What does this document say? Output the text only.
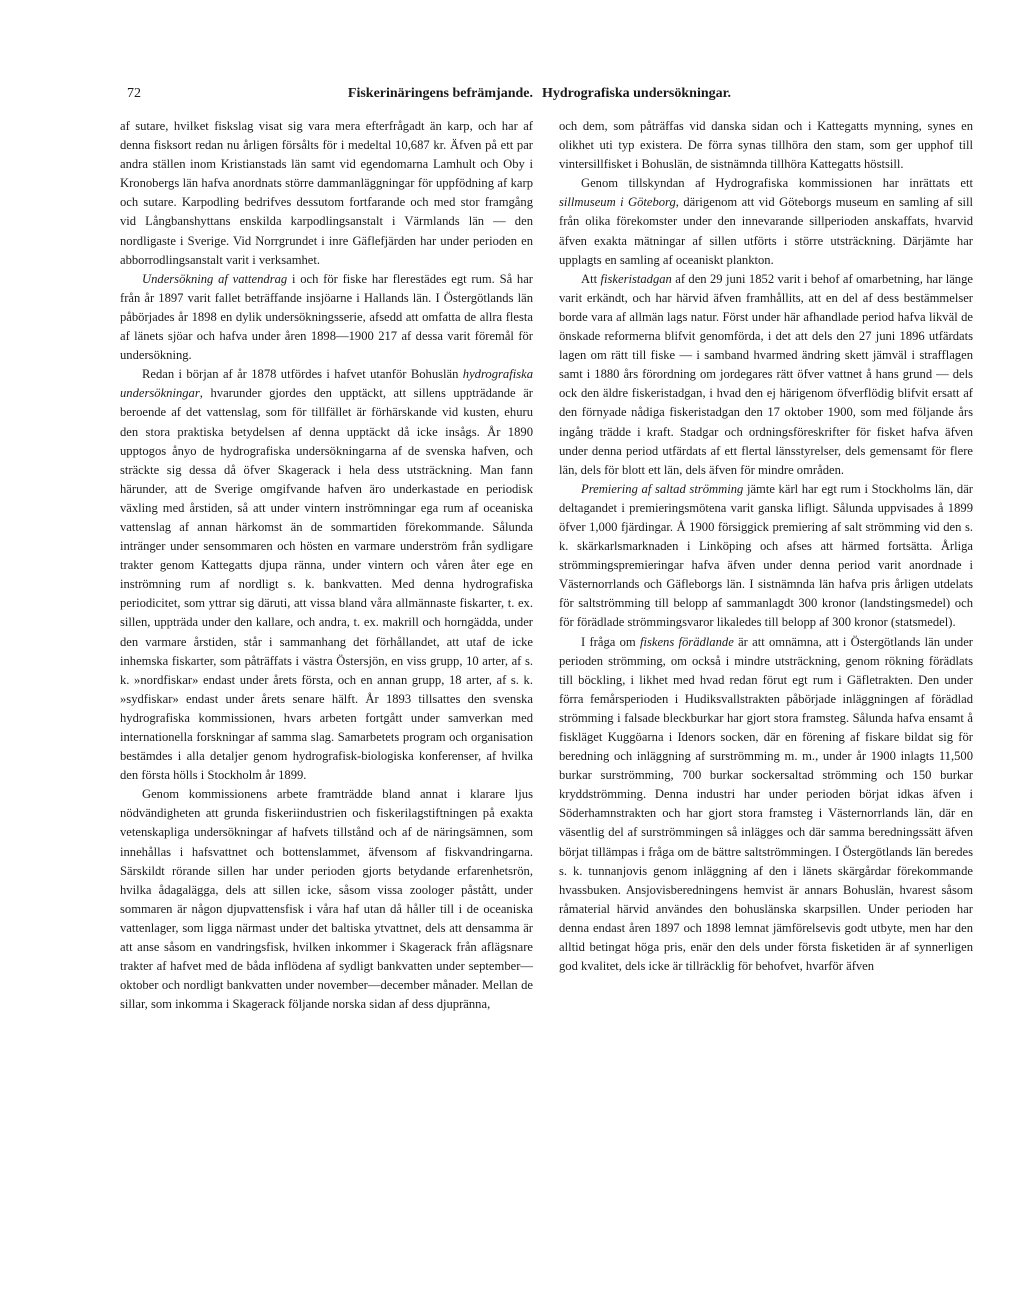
72	Fiskerinäringens befrämjande. Hydrografiska undersökningar.

af sutare, hvilket fiskslag visat sig vara mera efterfrågadt än karp, och har af denna fisksort redan nu årligen försålts för i medeltal 10,687 kr. Äfven på ett par andra ställen inom Kristianstads län samt vid egendomarna Lamhult och Oby i Kronobergs län hafva anordnats större dammanläggningar för uppfödning af karp och sutare. Karpodling bedrifves dessutom fortfarande och med stor framgång vid Långbanshyttans enskilda karpodlingsanstalt i Värmlands län — den nordligaste i Sverige. Vid Norrgrundet i inre Gäflefjärden har under perioden en abborrodlingsanstalt varit i verksamhet.

Undersökning af vattendrag i och för fiske har flerestädes egt rum. Så har från år 1897 varit fallet beträffande insjöarne i Hallands län. I Östergötlands län påbörjades år 1898 en dylik undersökningsserie, afsedd att omfatta de allra flesta af länets sjöar och hafva under åren 1898—1900 217 af dessa varit föremål för undersökning.

Redan i början af år 1878 utfördes i hafvet utanför Bohuslän hydrografiska undersökningar, hvarunder gjordes den upptäckt, att sillens uppträdande är beroende af det vattenslag, som för tillfället är förhärskande vid kusten, ehuru den stora praktiska betydelsen af denna upptäckt då icke insågs. År 1890 upptogos ånyo de hydrografiska undersökningarna af de svenska hafven, och sträckte sig dessa då öfver Skagerack i hela dess utsträckning. Man fann härunder, att de Sverige omgifvande hafven äro underkastade en periodisk växling med årstiden, så att under vintern inströmningar ega rum af oceaniska vattenslag af annan härkomst än de sommartiden förekommande. Sålunda intränger under sensommaren och hösten en varmare underström från sydligare trakter genom Kattegatts djupa ränna, under vintern och våren åter ege en inströmning rum af nordligt s. k. bankvatten. Med denna hydrografiska periodicitet, som yttrar sig däruti, att vissa bland våra allmännaste fiskarter, t. ex. sillen, uppträda under den kallare, och andra, t. ex. makrill och horngädda, under den varmare årstiden, står i sammanhang det förhållandet, att utaf de icke inhemska fiskarter, som påträffats i västra Östersjön, en viss grupp, 10 arter, af s. k. »nordfiskar» endast under årets första, och en annan grupp, 18 arter, af s. k. »sydfiskar» endast under årets senare hälft. År 1893 tillsattes den svenska hydrografiska kommissionen, hvars arbeten fortgått under samverkan med internationella forskningar af samma slag. Samarbetets program och organisation bestämdes i alla detaljer genom hydrografisk-biologiska konferenser, af hvilka den första hölls i Stockholm år 1899.

Genom kommissionens arbete framträdde bland annat i klarare ljus nödvändigheten att grunda fiskeriindustrien och fiskerilagstiftningen på exakta vetenskapliga undersökningar af hafvets tillstånd och af de näringsämnen, som innehållas i hafsvattnet och bottenslammet, äfvensom af fiskvandringarna. Särskildt rörande sillen har under perioden gjorts betydande erfarenhetsrön, hvilka ådagalägga, dels att sillen icke, såsom vissa zoologer påstått, under sommaren är någon djupvattensfisk i våra haf utan då håller till i de oceaniska vattenlager, som ligga närmast under det baltiska ytvattnet, dels att densamma är att anse såsom en vandringsfisk, hvilken inkommer i Skagerack från aflägsnare trakter af hafvet med de båda inflödena af sydligt bankvatten under september—oktober och nordligt bankvatten under november—december månader. Mellan de sillar, som inkomma i Skagerack följande norska sidan af dess djupränna,

och dem, som påträffas vid danska sidan och i Kattegatts mynning, synes en olikhet uti typ existera. De förra synas tillhöra den stam, som ger upphof till vintersillfisket i Bohuslän, de sistnämnda tillhöra Kattegatts höstsill.

Genom tillskyndan af Hydrografiska kommissionen har inrättats ett sillmuseum i Göteborg, därigenom att vid Göteborgs museum en samling af sill från olika förekomster under den innevarande sillperioden anskaffats, hvarvid äfven exakta mätningar af sillen utförts i större utsträckning. Därjämte har upplagts en samling af oceaniskt plankton.

Att fiskeristadgan af den 29 juni 1852 varit i behof af omarbetning, har länge varit erkändt, och har härvid äfven framhållits, att en del af dess bestämmelser borde vara af allmän lags natur. Först under här afhandlade period hafva likväl de önskade reformerna blifvit genomförda, i det att dels den 27 juni 1896 utfärdats lagen om rätt till fiske — i samband hvarmed ändring skett jämväl i strafflagen samt i 1880 års förordning om jordegares rätt öfver vattnet å hans grund — dels ock den äldre fiskeristadgan, i hvad den ej härigenom öfverflödig blifvit ersatt af den förnyade nådiga fiskeristadgan den 17 oktober 1900, som med följande års ingång trädde i kraft. Stadgar och ordningsföreskrifter för fisket hafva äfven under denna period utfärdats af ett flertal länsstyrelser, dels gemensamt för flere län, dels för blott ett län, dels äfven för mindre områden.

Premiering af saltad strömming jämte kärl har egt rum i Stockholms län, där deltagandet i premieringsmötena varit ganska lifligt. Sålunda uppvisades å 1899 öfver 1,000 fjärdingar. Å 1900 försiggick premiering af salt strömming vid den s. k. skärkarlsmarknaden i Linköping och afses att härmed fortsätta. Årliga strömmingspremieringar hafva äfven under denna period varit anordnade i Västernorrlands och Gäfleborgs län. I sistnämnda län hafva pris årligen utdelats för saltströmming till belopp af sammanlagdt 300 kronor (landstingsmedel) och för förädlade strömmingsvaror likaledes till belopp af 300 kronor (statsmedel).

I fråga om fiskens förädlande är att omnämna, att i Östergötlands län under perioden strömming, om också i mindre utsträckning, genom rökning förädlats till böckling, i likhet med hvad redan förut egt rum i Gäfletrakten. Den under förra femårsperioden i Hudiksvallstrakten påbörjade inläggningen af förädlad strömming i falsade bleckburkar har gjort stora framsteg. Sålunda hafva ensamt å fiskläget Kuggöarna i Idenors socken, där en förening af fiskare bildat sig för beredning och inläggning af surströmming m. m., under år 1900 inlagts 11,500 burkar surströmming, 700 burkar sockersaltad strömming och 150 burkar kryddströmming. Denna industri har under perioden börjat idkas äfven i Söderhamnstrakten och har gjort stora framsteg i Västernorrlands län, där en väsentlig del af surströmmingen så inlägges och där samma beredningssätt äfven börjat tillämpas i fråga om de bättre saltströmmingen. I Östergötlands län beredes s. k. tunnanjovis genom inläggning af den i länets skärgårdar förekommande hvassbuken. Ansjovisberedningens hemvist är annars Bohuslän, hvarest såsom råmaterial härvid användes den bohuslänska skarpsillen. Under perioden har denna endast åren 1897 och 1898 lemnat jämförelsevis godt utbyte, men har den alltid betingat höga pris, enär den dels under första fisketiden är af synnerligen god kvalitet, dels icke är tillräcklig för behofvet, hvarför äfven
